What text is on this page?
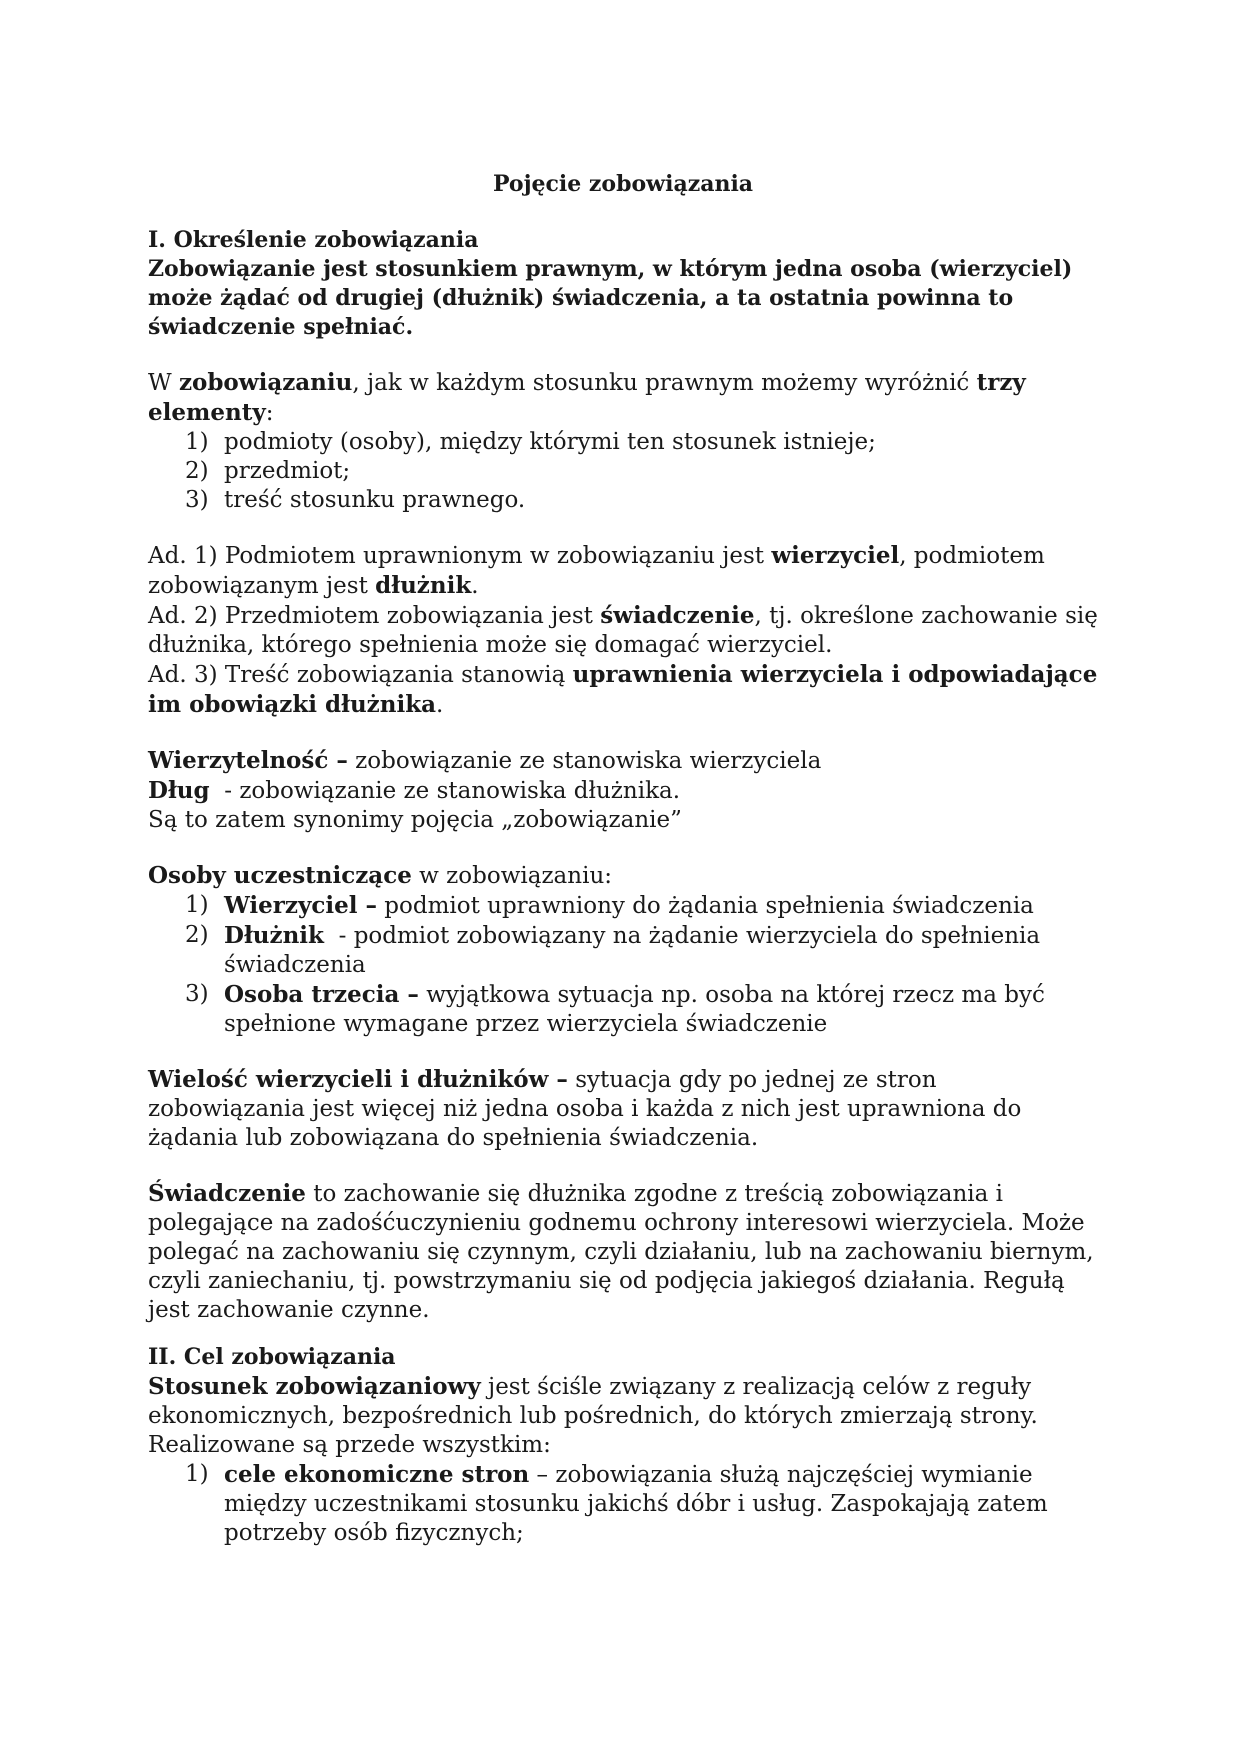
Pojęcie zobowiązania

I. Określenie zobowiązania

Zobowiązanie jest stosunkiem prawnym, w którym jedna osoba (wierzyciel) może żądać od drugiej (dłużnik) świadczenia, a ta ostatnia powinna to świadczenie spełniać.

W zobowiązaniu, jak w każdym stosunku prawnym możemy wyróżnić trzy elementy:

1) podmioty (osoby), między którymi ten stosunek istnieje;
2) przedmiot;
3) treść stosunku prawnego.

Ad. 1) Podmiotem uprawnionym w zobowiązaniu jest wierzyciel, podmiotem zobowiązanym jest dłużnik.

Ad. 2) Przedmiotem zobowiązania jest świadczenie, tj. określone zachowanie się dłużnika, którego spełnienia może się domagać wierzyciel.

Ad. 3) Treść zobowiązania stanowią uprawnienia wierzyciela i odpowiadające im obowiązki dłużnika.

Wierzytelność – zobowiązanie ze stanowiska wierzyciela

Dług  - zobowiązanie ze stanowiska dłużnika.

Są to zatem synonimy pojęcia „zobowiązanie”

Osoby uczestniczące w zobowiązaniu:

1) Wierzyciel – podmiot uprawniony do żądania spełnienia świadczenia
2) Dłużnik  - podmiot zobowiązany na żądanie wierzyciela do spełnienia świadczenia
3) Osoba trzecia – wyjątkowa sytuacja np. osoba na której rzecz ma być spełnione wymagane przez wierzyciela świadczenie

Wielość wierzycieli i dłużników – sytuacja gdy po jednej ze stron zobowiązania jest więcej niż jedna osoba i każda z nich jest uprawniona do żądania lub zobowiązana do spełnienia świadczenia.

Świadczenie to zachowanie się dłużnika zgodne z treścią zobowiązania i polegające na zadośćuczynieniu godnemu ochrony interesowi wierzyciela. Może polegać na zachowaniu się czynnym, czyli działaniu, lub na zachowaniu biernym, czyli zaniechaniu, tj. powstrzymaniu się od podjęcia jakiegoś działania. Regułą jest zachowanie czynne.

II. Cel zobowiązania

Stosunek zobowiązaniowy jest ściśle związany z realizacją celów z reguły ekonomicznych, bezpośrednich lub pośrednich, do których zmierzają strony. Realizowane są przede wszystkim:

1) cele ekonomiczne stron – zobowiązania służą najczęściej wymianie między uczestnikami stosunku jakichś dóbr i usług. Zaspokajają zatem potrzeby osób fizycznych;
